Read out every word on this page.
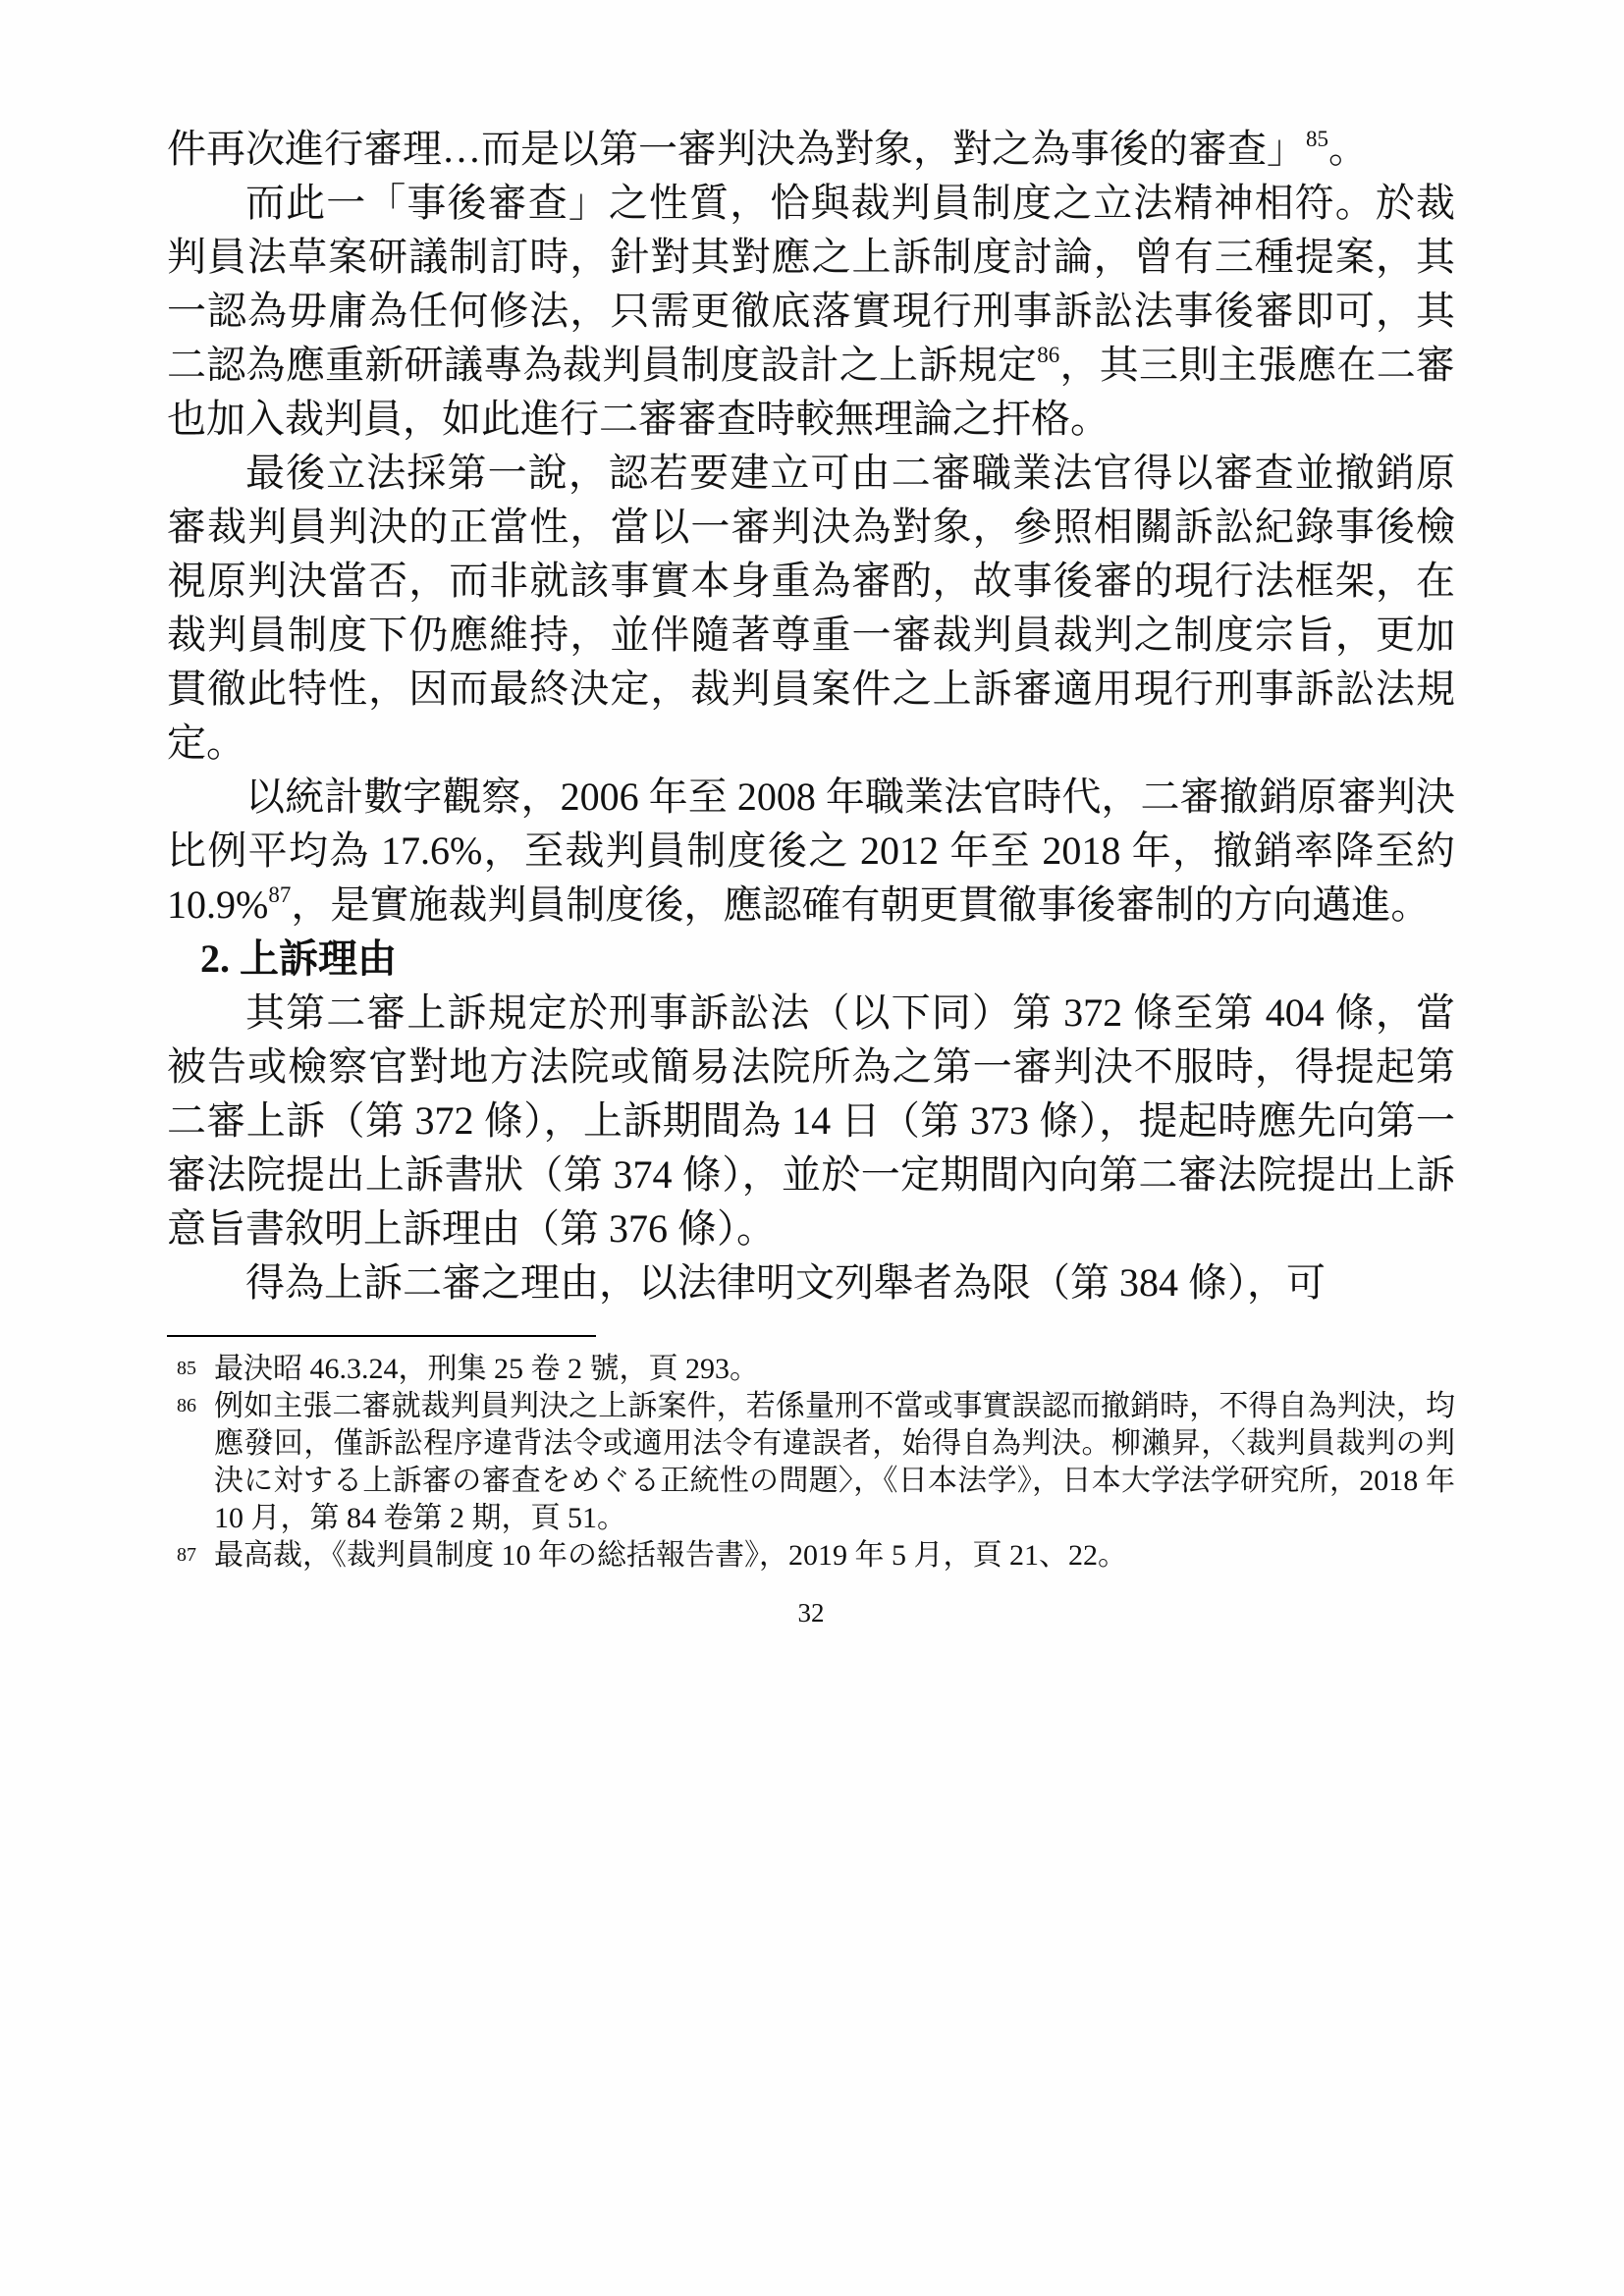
件再次進行審理…而是以第一審判決為對象，對之為事後的審查」$^{85}$。

而此一「事後審查」之性質，恰與裁判員制度之立法精神相符。於裁判員法草案研議制訂時，針對其對應之上訴制度討論，曾有三種提案，其一認為毋庸為任何修法，只需更徹底落實現行刑事訴訟法事後審即可，其二認為應重新研議專為裁判員制度設計之上訴規定$^{86}$，其三則主張應在二審也加入裁判員，如此進行二審審查時較無理論之扞格。

最後立法採第一說，認若要建立可由二審職業法官得以審查並撤銷原審裁判員判決的正當性，當以一審判決為對象，參照相關訴訟紀錄事後檢視原判決當否，而非就該事實本身重為審酌，故事後審的現行法框架，在裁判員制度下仍應維持，並伴隨著尊重一審裁判員裁判之制度宗旨，更加貫徹此特性，因而最終決定，裁判員案件之上訴審適用現行刑事訴訟法規定。

以統計數字觀察，2006 年至 2008 年職業法官時代，二審撤銷原審判決比例平均為 17.6%，至裁判員制度後之 2012 年至 2018 年，撤銷率降至約 10.9%$^{87}$，是實施裁判員制度後，應認確有朝更貫徹事後審制的方向邁進。

2. 上訴理由

其第二審上訴規定於刑事訴訟法（以下同）第 372 條至第 404 條，當被告或檢察官對地方法院或簡易法院所為之第一審判決不服時，得提起第二審上訴（第 372 條），上訴期間為 14 日（第 373 條），提起時應先向第一審法院提出上訴書狀（第 374 條），並於一定期間內向第二審法院提出上訴意旨書敘明上訴理由（第 376 條）。

得為上訴二審之理由，以法律明文列舉者為限（第 384 條），可

85 最決昭 46.3.24，刑集 25 卷 2 號，頁 293。
86 例如主張二審就裁判員判決之上訴案件，若係量刑不當或事實誤認而撤銷時，不得自為判決，均應發回，僅訴訟程序違背法令或適用法令有違誤者，始得自為判決。柳瀨昇，〈裁判員裁判の判決に対する上訴審の審査をめぐる正統性の問題〉，《日本法学》，日本大学法学研究所，2018 年 10 月，第 84 卷第 2 期，頁 51。
87 最高裁，《裁判員制度 10 年の総括報告書》，2019 年 5 月，頁 21、22。
32
